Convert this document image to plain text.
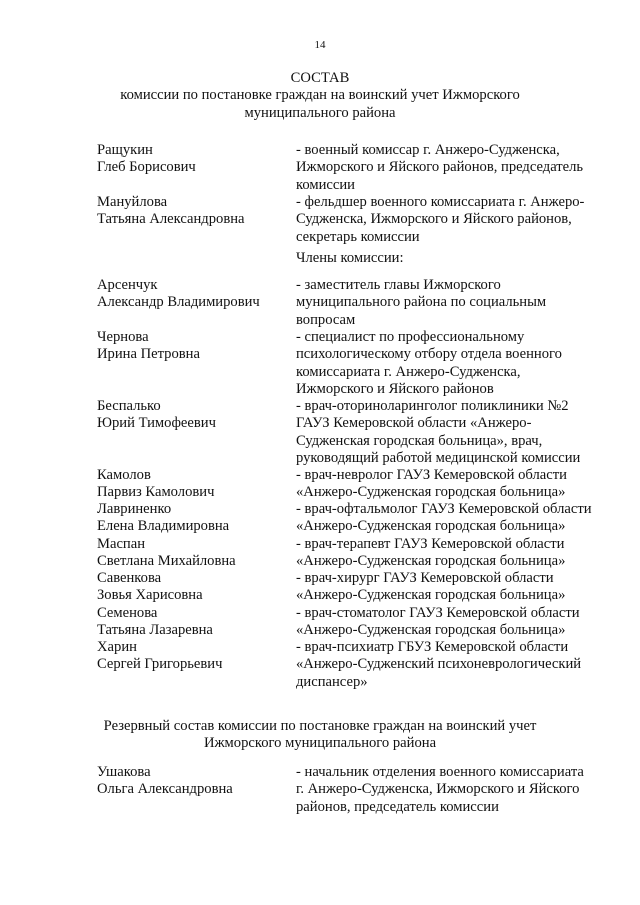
14
СОСТАВ
комиссии по постановке граждан на воинский учет Ижморского
муниципального района
Ращукин
Глеб Борисович
- военный комиссар г. Анжеро-Судженска,
Ижморского и Яйского районов, председатель
комиссии
Мануйлова
Татьяна Александровна
- фельдшер военного комиссариата г. Анжеро-
Судженска, Ижморского и Яйского районов,
секретарь комиссии
Члены комиссии:
Арсенчук
Александр Владимирович
- заместитель главы Ижморского
муниципального района по социальным
вопросам
Чернова
Ирина Петровна
- специалист по профессиональному
психологическому отбору отдела военного
комиссариата г. Анжеро-Судженска,
Ижморского и Яйского районов
Беспалько
Юрий Тимофеевич
- врач-оториноларинголог поликлиники №2
ГАУЗ Кемеровской области «Анжеро-
Судженская городская больница», врач,
руководящий работой медицинской комиссии
Камолов
Парвиз Камолович
- врач-невролог ГАУЗ Кемеровской области
«Анжеро-Судженская городская больница»
Лавриненко
Елена Владимировна
- врач-офтальмолог ГАУЗ Кемеровской области
«Анжеро-Судженская городская больница»
Маспан
Светлана Михайловна
- врач-терапевт ГАУЗ Кемеровской области
«Анжеро-Судженская городская больница»
Савенкова
Зовья Харисовна
- врач-хирург ГАУЗ Кемеровской области
«Анжеро-Судженская городская больница»
Семенова
Татьяна Лазаревна
- врач-стоматолог ГАУЗ Кемеровской области
«Анжеро-Судженская городская больница»
Харин
Сергей Григорьевич
- врач-психиатр ГБУЗ Кемеровской области
«Анжеро-Судженский психоневрологический
диспансер»
Резервный состав комиссии по постановке граждан на воинский учет
Ижморского муниципального района
Ушакова
Ольга Александровна
- начальник отделения военного комиссариата
г. Анжеро-Судженска, Ижморского и Яйского
районов, председатель комиссии
